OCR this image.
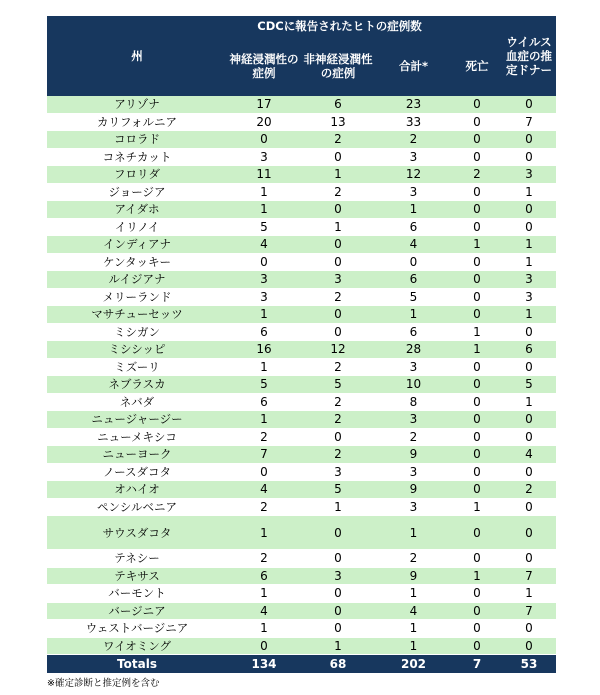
州	CDCに報告されたヒトの症例数				ウイルス血症の推定ドナー
	神経浸潤性の症例	非神経浸潤性の症例	合計*	死亡	
アリゾナ	17	6	23	0	0
カリフォルニア	20	13	33	0	7
コロラド	0	2	2	0	0
コネチカット	3	0	3	0	0
フロリダ	11	1	12	2	3
ジョージア	1	2	3	0	1
アイダホ	1	0	1	0	0
イリノイ	5	1	6	0	0
インディアナ	4	0	4	1	1
ケンタッキー	0	0	0	0	1
ルイジアナ	3	3	6	0	3
メリーランド	3	2	5	0	3
マサチューセッツ	1	0	1	0	1
ミシガン	6	0	6	1	0
ミシシッピ	16	12	28	1	6
ミズーリ	1	2	3	0	0
ネブラスカ	5	5	10	0	5
ネバダ	6	2	8	0	1
ニュージャージー	1	2	3	0	0
ニューメキシコ	2	0	2	0	0
ニューヨーク	7	2	9	0	4
ノースダコタ	0	3	3	0	0
オハイオ	4	5	9	0	2
ペンシルベニア	2	1	3	1	0
サウスダコタ	1	0	1	0	0
テネシー	2	0	2	0	0
テキサス	6	3	9	1	7
バーモント	1	0	1	0	1
バージニア	4	0	4	0	7
ウェストバージニア	1	0	1	0	0
ワイオミング	0	1	1	0	0
Totals	134	68	202	7	53
※確定診断と推定例を含む
